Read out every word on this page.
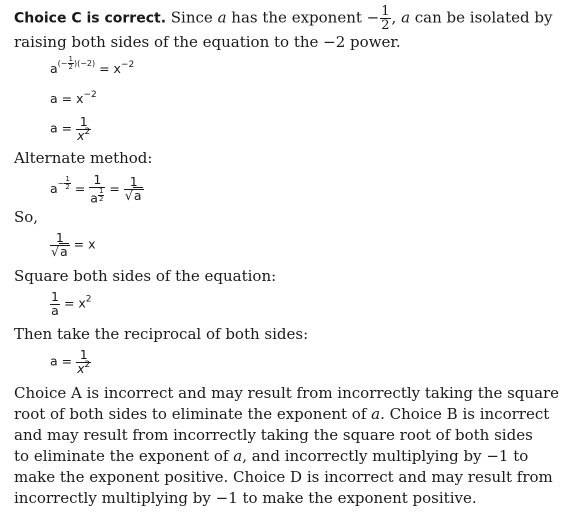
Choice C is correct. Since a has the exponent − $\frac{1}{2}$ , a can be isolated by
raising both sides of the equation to the −2 power.
$a^{(- \frac{1}{2} )(-2)} = x^{-2}$
$a = x^{-2}$
$a = \frac{1}{x^2}$
Alternate method:
$a^{- \frac{1}{2}} = 1$
a $^{\frac{1}{2}} = \frac{1}{√a}$
So,
$\frac{1}{√a} = x$
Square both sides of the equation:
$\frac{1}{a} = x^2$
Then take the reciprocal of both sides:
$a = \frac{1}{x^2}$
Choice A is incorrect and may result from incorrectly taking the square
root of both sides to eliminate the exponent of a. Choice B is incorrect
and may result from incorrectly taking the square root of both sides
to eliminate the exponent of a, and incorrectly multiplying by −1 to
make the exponent positive. Choice D is incorrect and may result from
incorrectly multiplying by −1 to make the exponent positive.
